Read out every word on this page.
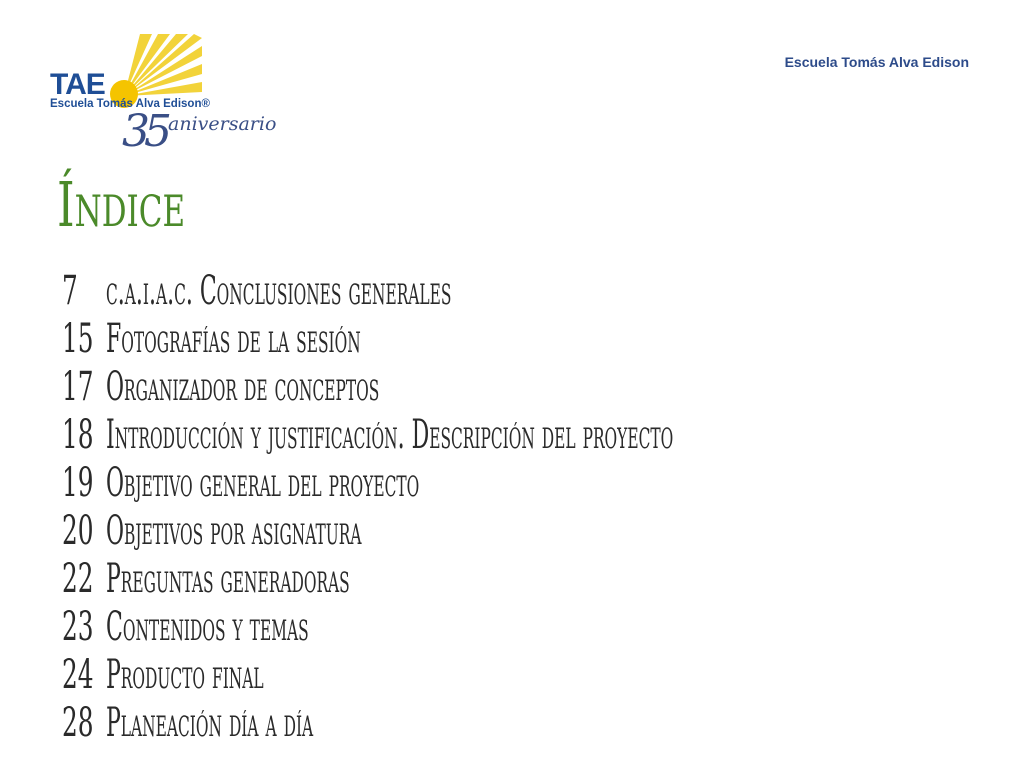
TAE
Escuela Tomás Alva Edison®
35 aniversario
Escuela Tomás Alva Edison
Índice
7 c.a.i.a.c. Conclusiones generales
15 Fotografías de la sesión
17 Organizador de conceptos
18 Introducción y justificación. Descripción del proyecto
19 Objetivo general del proyecto
20 Objetivos por asignatura
22 Preguntas generadoras
23 Contenidos y temas
24 Producto final
28 Planeación día a día
